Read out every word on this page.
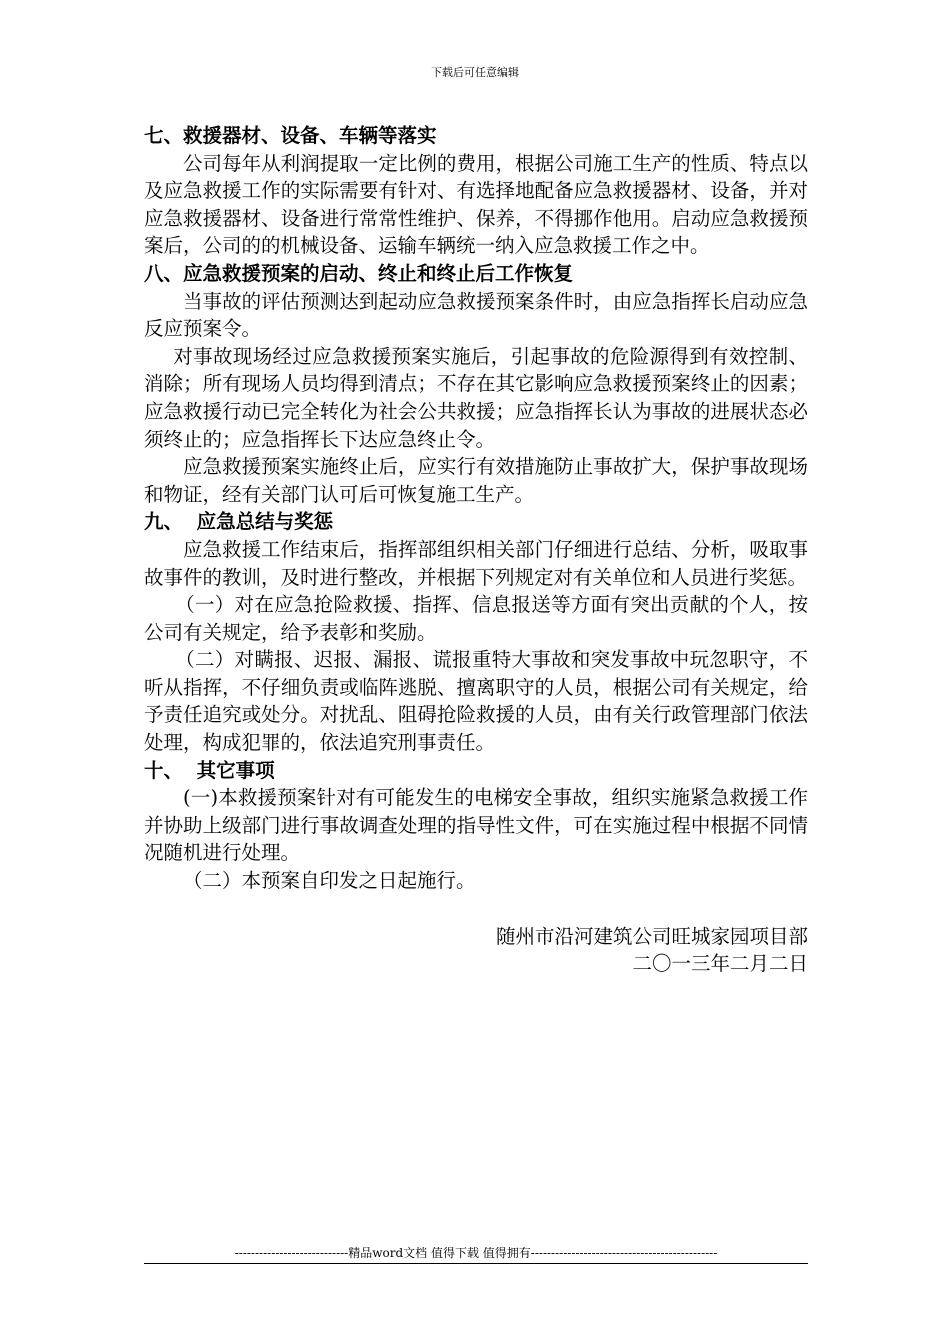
下载后可任意编辑

七、救援器材、设备、车辆等落实

公司每年从利润提取一定比例的费用，根据公司施工生产的性质、特点以及应急救援工作的实际需要有针对、有选择地配备应急救援器材、设备，并对应急救援器材、设备进行常常性维护、保养，不得挪作他用。启动应急救援预案后，公司的的机械设备、运输车辆统一纳入应急救援工作之中。

八、应急救援预案的启动、终止和终止后工作恢复

当事故的评估预测达到起动应急救援预案条件时，由应急指挥长启动应急反应预案令。

对事故现场经过应急救援预案实施后，引起事故的危险源得到有效控制、消除；所有现场人员均得到清点；不存在其它影响应急救援预案终止的因素；应急救援行动已完全转化为社会公共救援；应急指挥长认为事故的进展状态必须终止的；应急指挥长下达应急终止令。

应急救援预案实施终止后，应实行有效措施防止事故扩大，保护事故现场和物证，经有关部门认可后可恢复施工生产。

九、  应急总结与奖惩

应急救援工作结束后，指挥部组织相关部门仔细进行总结、分析，吸取事故事件的教训，及时进行整改，并根据下列规定对有关单位和人员进行奖惩。

（一）对在应急抢险救援、指挥、信息报送等方面有突出贡献的个人，按公司有关规定，给予表彰和奖励。

（二）对瞒报、迟报、漏报、谎报重特大事故和突发事故中玩忽职守，不听从指挥，不仔细负责或临阵逃脱、擅离职守的人员，根据公司有关规定，给予责任追究或处分。对扰乱、阻碍抢险救援的人员，由有关行政管理部门依法处理，构成犯罪的，依法追究刑事责任。

十、  其它事项

(一)本救援预案针对有可能发生的电梯安全事故，组织实施紧急救援工作并协助上级部门进行事故调查处理的指导性文件，可在实施过程中根据不同情况随机进行处理。

（二）本预案自印发之日起施行。

随州市沿河建筑公司旺城家园项目部

二〇一三年二月二日

----------------------------精品word文档 值得下载 值得拥有----------------------------------------------
